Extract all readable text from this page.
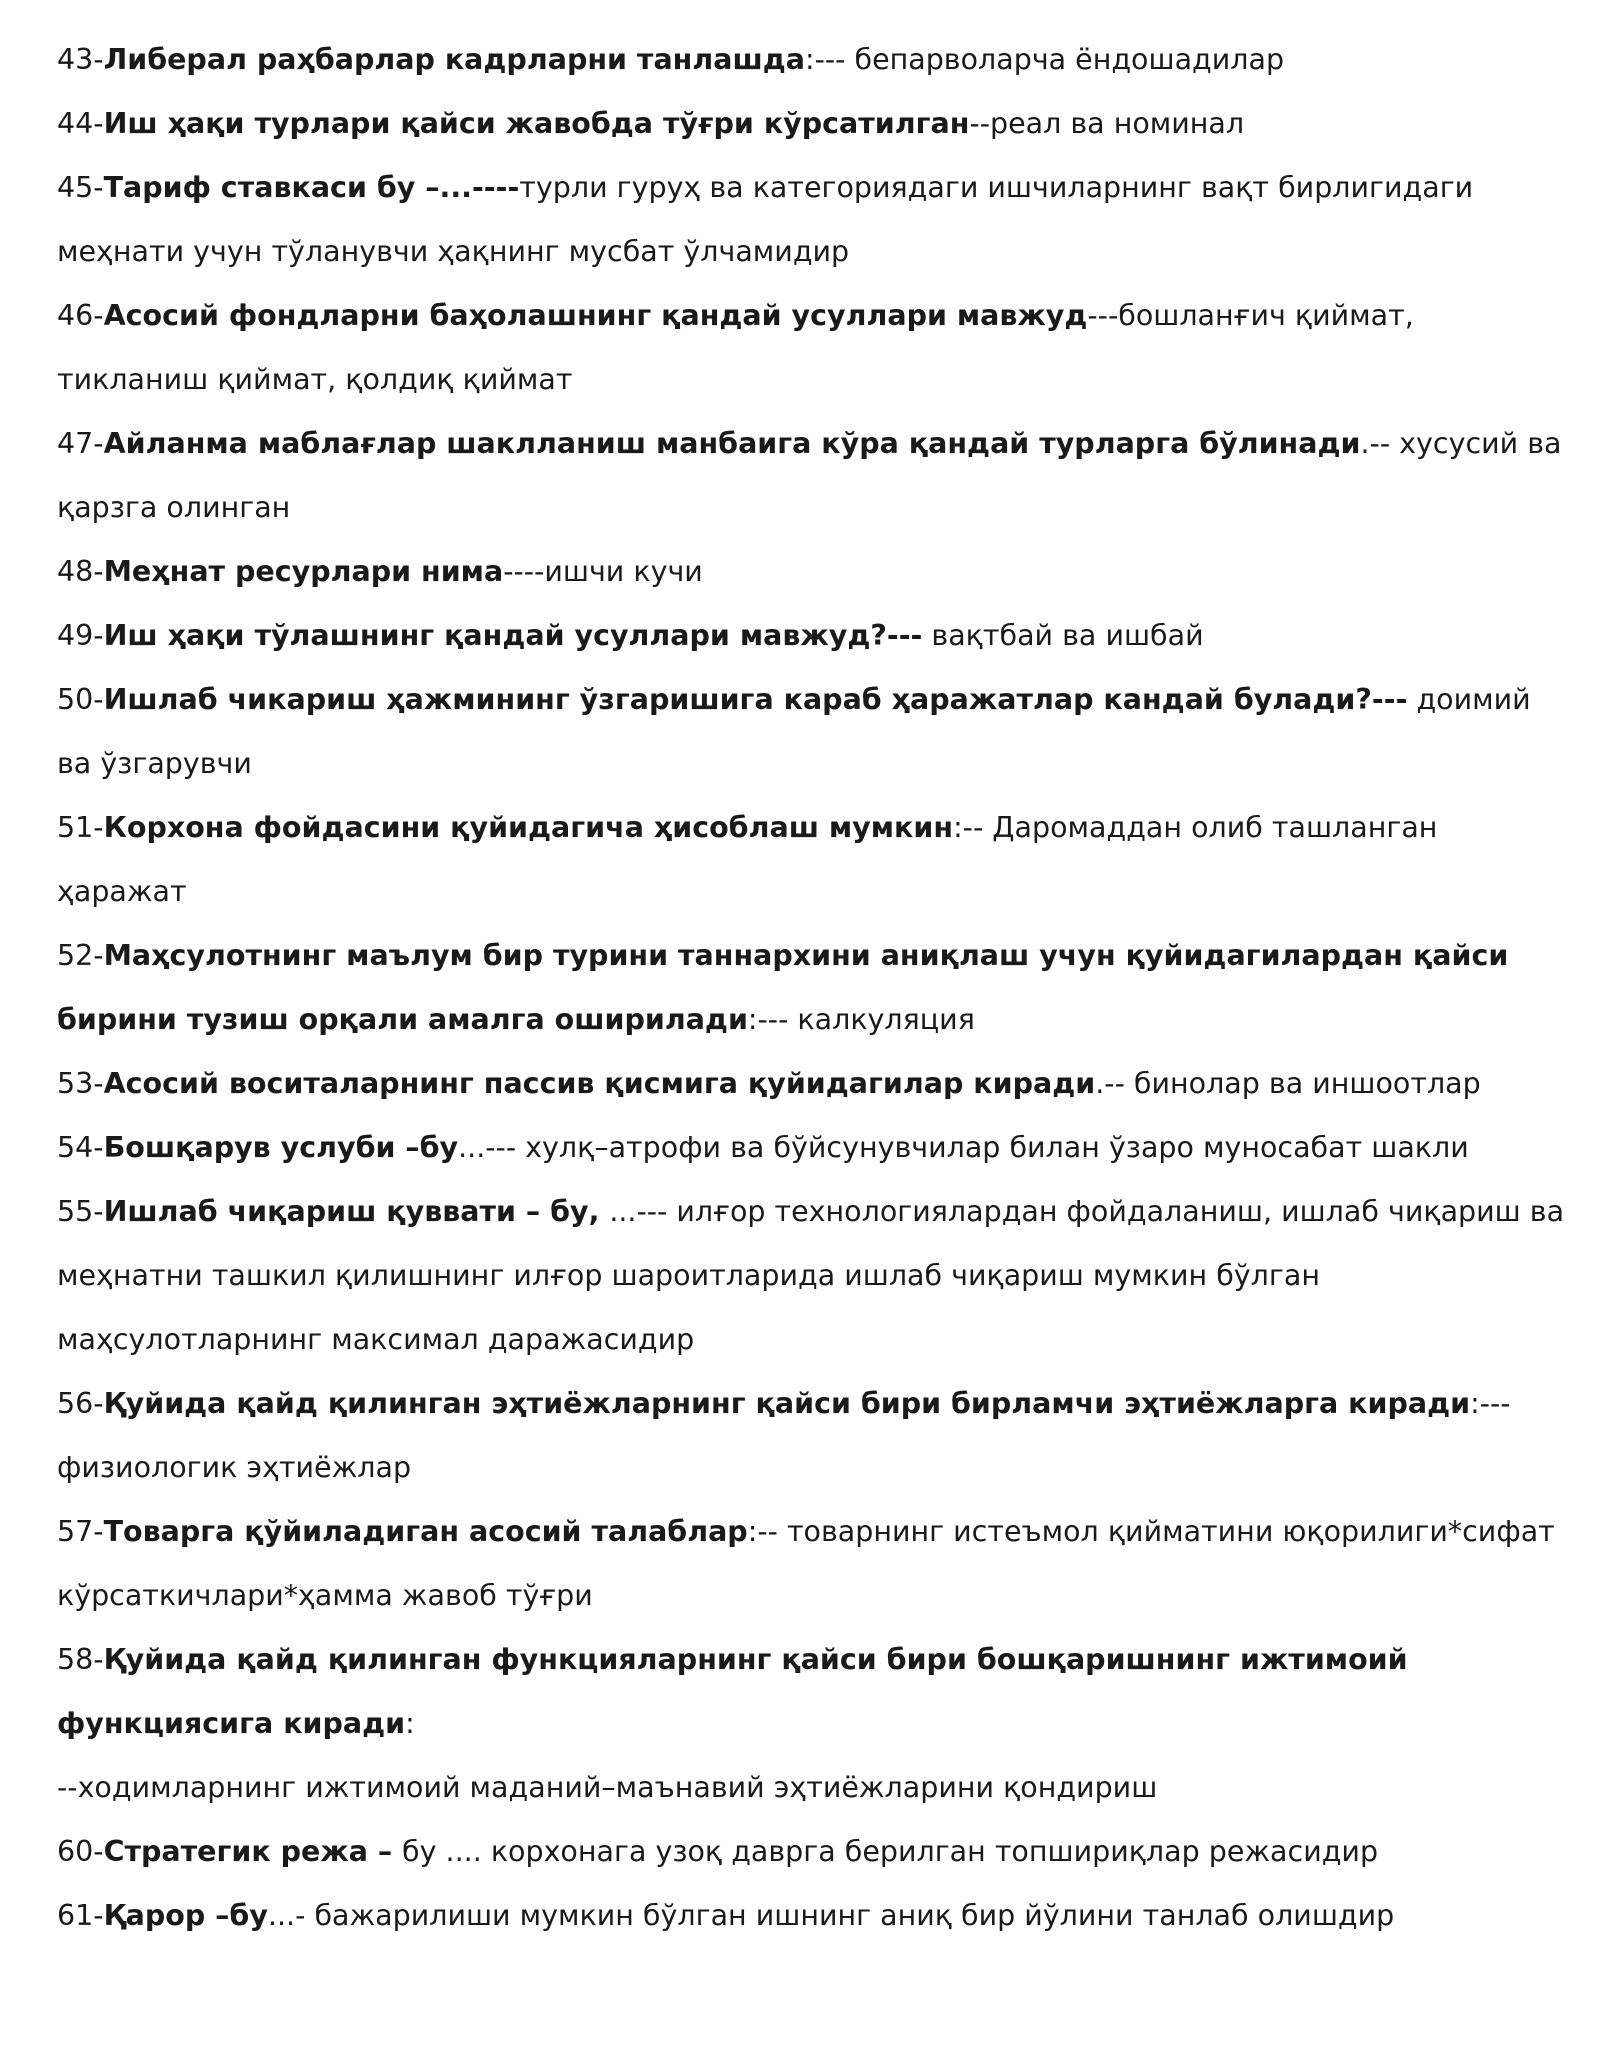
43-Либерал раҳбарлар кадрларни танлашда:--- бепарволарча ёндошадилар

44-Иш ҳақи турлари қайси жавобда тўғри кўрсатилган--реал ва номинал

45-Тариф ставкаси бу –...----турли гуруҳ ва категориядаги ишчиларнинг вақт бирлигидаги меҳнати учун тўланувчи ҳақнинг мусбат ўлчамидир

46-Асосий фондларни баҳолашнинг қандай усуллари мавжуд---бошланғич қиймат, тикланиш қиймат, қолдиқ қиймат

47-Айланма маблағлар шаклланиш манбаига кўра қандай турларга бўлинади.-- хусусий ва қарзга олинган

48-Меҳнат ресурлари нима----ишчи кучи

49-Иш ҳақи тўлашнинг қандай усуллари мавжуд?--- вақтбай ва ишбай

50-Ишлаб чикариш ҳажмининг ўзгаришига караб ҳаражатлар кандай булади?--- доимий ва ўзгарувчи

51-Корхона фойдасини қуйидагича ҳисоблаш мумкин:-- Даромаддан олиб ташланган ҳаражат

52-Маҳсулотнинг маълум бир турини таннархини аниқлаш учун қуйидагилардан қайси бирини тузиш орқали амалга оширилади:--- калкуляция

53-Асосий воситаларнинг пассив қисмига қуйидагилар киради.-- бинолар ва иншоотлар

54-Бошқарув услуби –бу...--- хулқ–атрофи ва бўйсунувчилар билан ўзаро муносабат шакли

55-Ишлаб чиқариш қуввати – бу, ...--- илғор технологиялардан фойдаланиш, ишлаб чиқариш ва меҳнатни ташкил қилишнинг илғор шароитларида ишлаб чиқариш мумкин бўлган маҳсулотларнинг максимал даражасидир

56-Қуйида қайд қилинган эҳтиёжларнинг қайси бири бирламчи эҳтиёжларга киради:---физиологик эҳтиёжлар

57-Товарга қўйиладиган асосий талаблар:-- товарнинг истеъмол қийматини юқорилиги*сифат кўрсаткичлари*ҳамма жавоб тўғри

58-Қуйида қайд қилинган функцияларнинг қайси бири бошқаришнинг ижтимоий функциясига киради:

--ходимларнинг ижтимоий маданий–маънавий эҳтиёжларини қондириш

60-Стратегик режа – бу .... корхонага узоқ даврга берилган топшириқлар режасидир

61-Қарор –бу...- бажарилиши мумкин бўлган ишнинг аниқ бир йўлини танлаб олишдир
